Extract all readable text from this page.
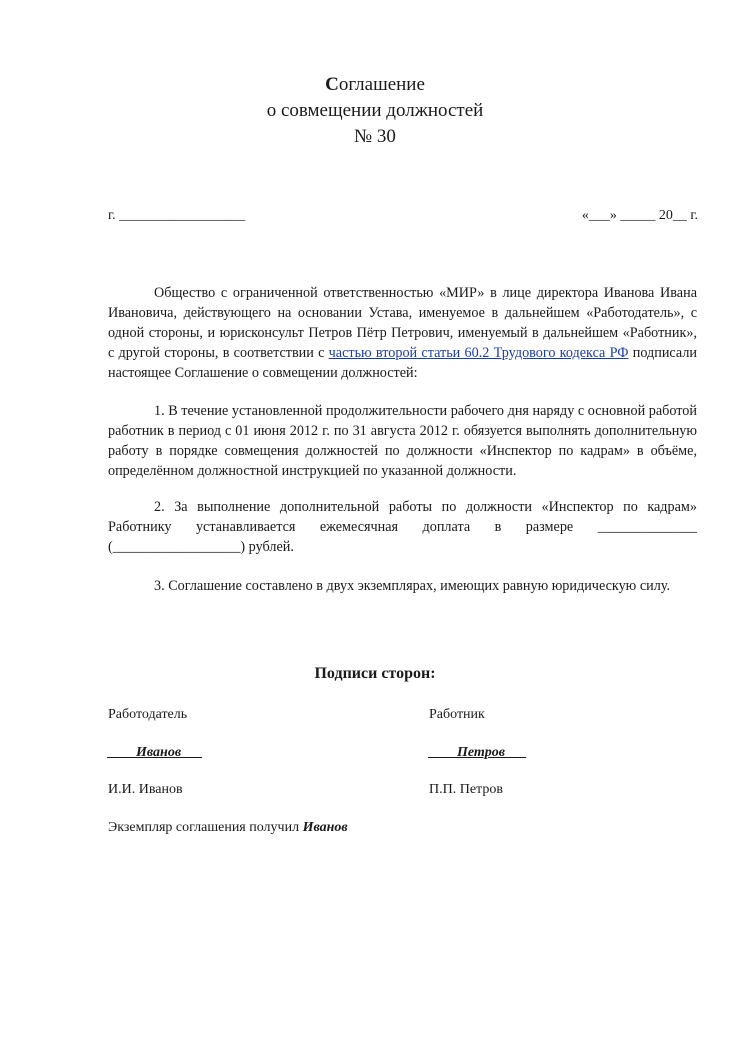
Соглашение
о совмещении должностей
№ 30
г. __________________	«___» _____ 20__ г.
Общество с ограниченной ответственностью «МИР» в лице директора Иванова Ивана Ивановича, действующего на основании Устава, именуемое в дальнейшем «Работодатель», с одной стороны, и юрисконсульт Петров Пётр Петрович, именуемый в дальнейшем «Работник», с другой стороны, в соответствии с частью второй статьи 60.2 Трудового кодекса РФ подписали настоящее Соглашение о совмещении должностей:
1. В течение установленной продолжительности рабочего дня наряду с основной работой работник в период с 01 июня 2012 г. по 31 августа 2012 г. обязуется выполнять дополнительную работу в порядке совмещения должностей по должности «Инспектор по кадрам» в объёме, определённом должностной инструкцией по указанной должности.
2. За выполнение дополнительной работы по должности «Инспектор по кадрам» Работнику устанавливается ежемесячная доплата в размере ______________ (__________________) рублей.
3. Соглашение составлено в двух экземплярах, имеющих равную юридическую силу.
Подписи сторон:
Работодатель	Работник
____Иванов___	____Петров___
И.И. Иванов	П.П. Петров
Экземпляр соглашения получил Иванов
